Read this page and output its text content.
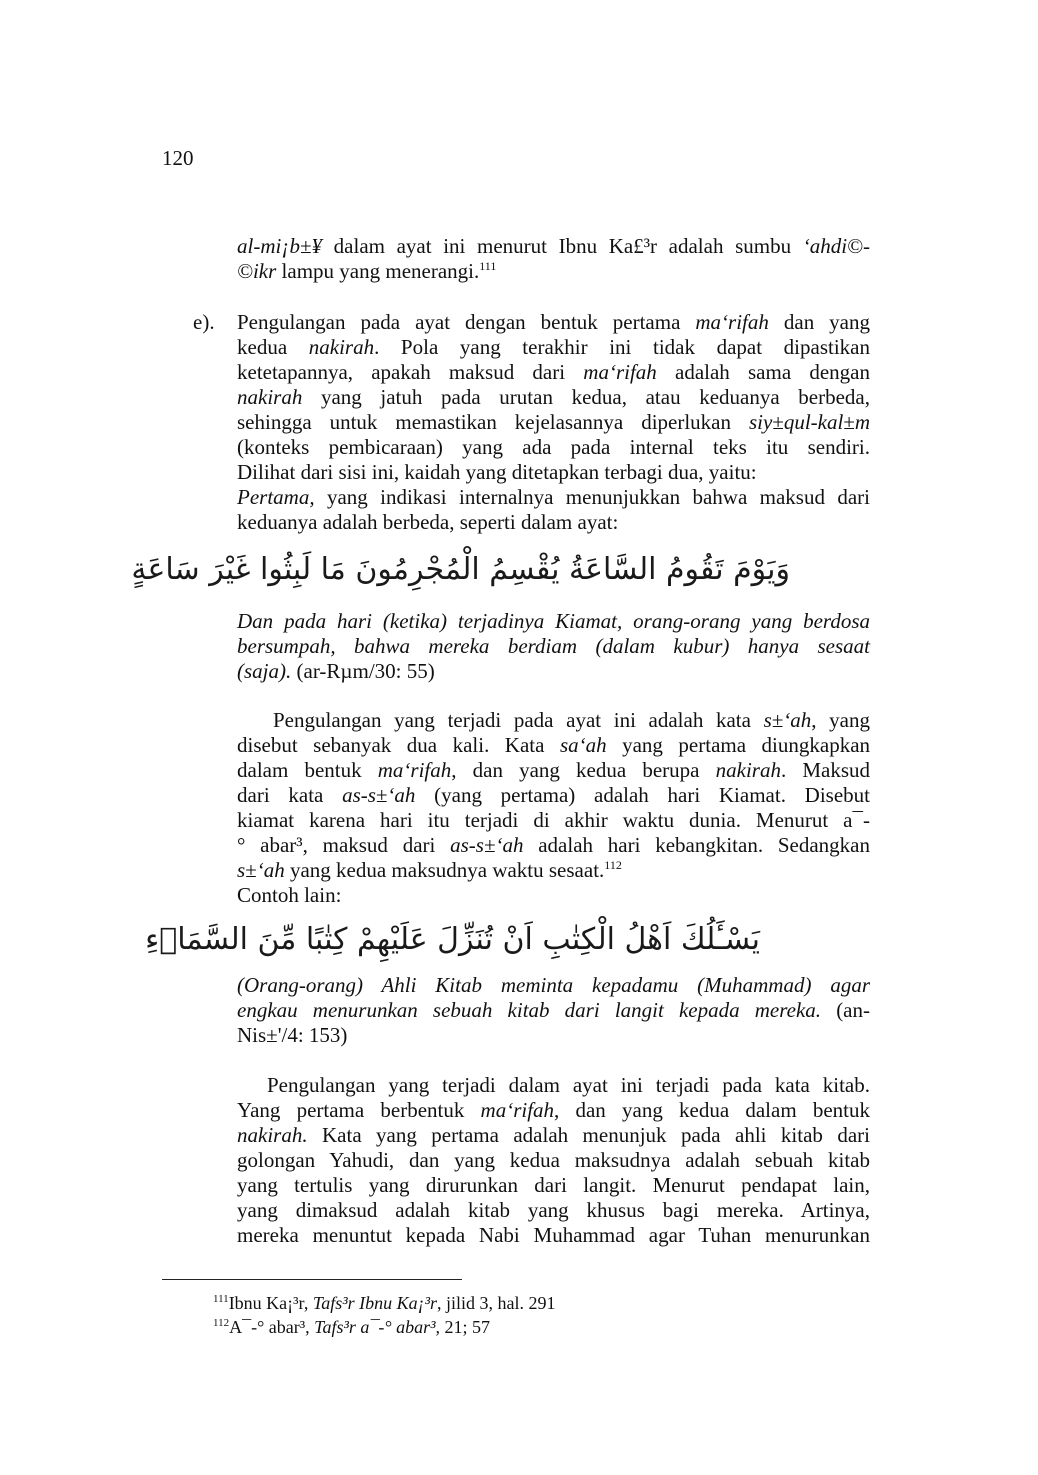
120
al-mi¡b±¥ dalam ayat ini menurut Ibnu Ka£³r adalah sumbu ‘ahdi©-
©ikr lampu yang menerangi.$^{111}$
e). Pengulangan pada ayat dengan bentuk pertama ma‘rifah dan yang
kedua nakirah. Pola yang terakhir ini tidak dapat dipastikan
ketetapannya, apakah maksud dari ma‘rifah adalah sama dengan
nakirah yang jatuh pada urutan kedua, atau keduanya berbeda,
sehingga untuk memastikan kejelasannya diperlukan siy±qul-kal±m
(konteks pembicaraan) yang ada pada internal teks itu sendiri.
Dilihat dari sisi ini, kaidah yang ditetapkan terbagi dua, yaitu:
Pertama, yang indikasi internalnya menunjukkan bahwa maksud dari
keduanya adalah berbeda, seperti dalam ayat:
وَيَوْمَ تَقُومُ السَّاعَةُ يُقْسِمُ الْمُجْرِمُونَ مَا لَبِثُوا غَيْرَ سَاعَةٍ
Dan pada hari (ketika) terjadinya Kiamat, orang-orang yang berdosa
bersumpah, bahwa mereka berdiam (dalam kubur) hanya sesaat
(saja). (ar-Rµm/30: 55)
Pengulangan yang terjadi pada ayat ini adalah kata s±‘ah, yang
disebut sebanyak dua kali. Kata sa‘ah yang pertama diungkapkan
dalam bentuk ma‘rifah, dan yang kedua berupa nakirah. Maksud
dari kata as-s±‘ah (yang pertama) adalah hari Kiamat. Disebut
kiamat karena hari itu terjadi di akhir waktu dunia. Menurut a¯-
° abar³, maksud dari as-s±‘ah adalah hari kebangkitan. Sedangkan
s±‘ah yang kedua maksudnya waktu sesaat.$^{112}$
Contoh lain:
يَسْـَٔلُكَ اَهْلُ الْكِتٰبِ اَنْ تُنَزِّلَ عَلَيْهِمْ كِتٰبًا مِّنَ السَّمَاۤءِ
(Orang-orang) Ahli Kitab meminta kepadamu (Muhammad) agar
engkau menurunkan sebuah kitab dari langit kepada mereka. (an-
Nis±'/4: 153)
Pengulangan yang terjadi dalam ayat ini terjadi pada kata kitab.
Yang pertama berbentuk ma‘rifah, dan yang kedua dalam bentuk
nakirah. Kata yang pertama adalah menunjuk pada ahli kitab dari
golongan Yahudi, dan yang kedua maksudnya adalah sebuah kitab
yang tertulis yang dirurunkan dari langit. Menurut pendapat lain,
yang dimaksud adalah kitab yang khusus bagi mereka. Artinya,
mereka menuntut kepada Nabi Muhammad agar Tuhan menurunkan
$^{111}$Ibnu Ka¡³r, Tafs³r Ibnu Ka¡³r, jilid 3, hal. 291
$^{112}$A¯-° abar³, Tafs³r a¯-° abar³, 21; 57
